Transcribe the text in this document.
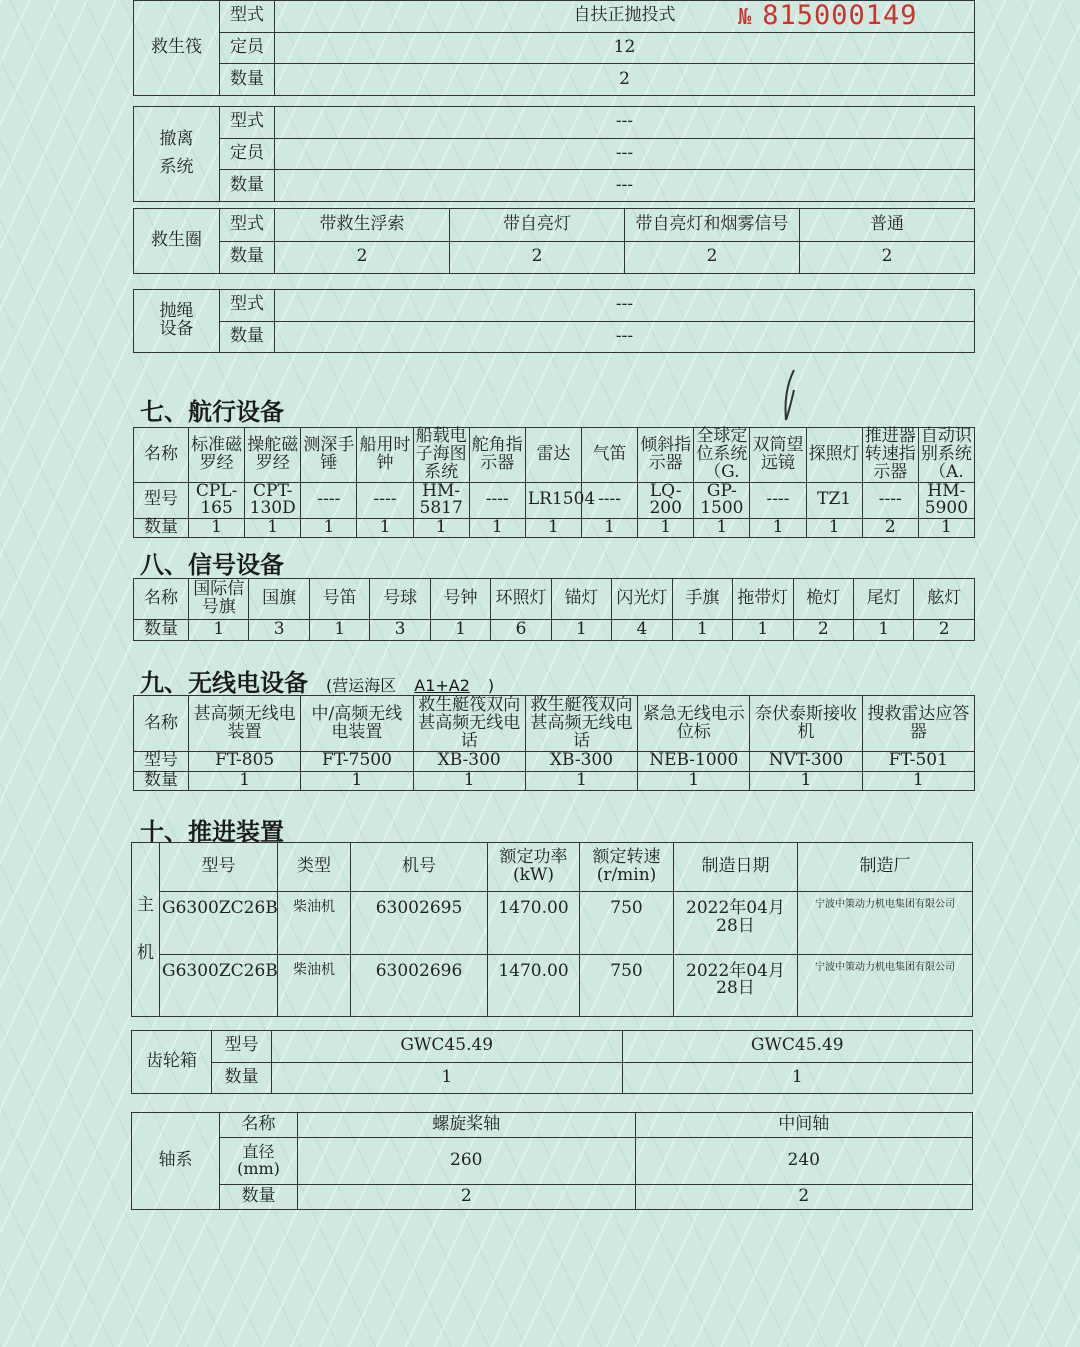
№ 815000149
救生筏	型式	自扶正抛投式
	定员	12
	数量	2
撤离
系统	型式	---
	定员	---
	数量	---
救生圈	型式	带救生浮索	带自亮灯	带自亮灯和烟雾信号	普通
	数量	2	2	2	2
抛绳
设备	型式	---
	数量	---
七、航行设备
名称	标准磁罗经	操舵磁罗经	测深手锤	船用时钟	船载电子海图系统	舵角指示器	雷达	气笛	倾斜指示器	全球定位系统（G.	双筒望远镜	探照灯	推进器转速指示器	自动识别系统（A.
型号	CPL-165	CPT-130D	----	----	HM-5817	----	LR1504	----	LQ-200	GP-1500	----	TZ1	----	HM-5900
数量	1	1	1	1	1	1	1	1	1	1	1	1	2	1
八、信号设备
名称	国际信号旗	国旗	号笛	号球	号钟	环照灯	锚灯	闪光灯	手旗	拖带灯	桅灯	尾灯	舷灯
数量	1	3	1	3	1	6	1	4	1	1	2	1	2
九、无线电设备 (营运海区 A1+A2 )
名称	甚高频无线电装置	中/高频无线电装置	救生艇筏双向甚高频无线电话	救生艇筏双向甚高频无线电话	紧急无线电示位标	奈伏泰斯接收机	搜救雷达应答器
型号	FT-805	FT-7500	XB-300	XB-300	NEB-1000	NVT-300	FT-501
数量	1	1	1	1	1	1	1
十、推进装置
主
机	型号	类型	机号	额定功率 (kW)	额定转速 (r/min)	制造日期	制造厂
	G6300ZC26B	柴油机	63002695	1470.00	750	2022年04月28日	宁波中策动力机电集团有限公司
	G6300ZC26B	柴油机	63002696	1470.00	750	2022年04月28日	宁波中策动力机电集团有限公司
齿轮箱	型号	GWC45.49	GWC45.49
	数量	1	1
轴系	名称	螺旋桨轴	中间轴
	直径(mm)	260	240
	数量	2	2
